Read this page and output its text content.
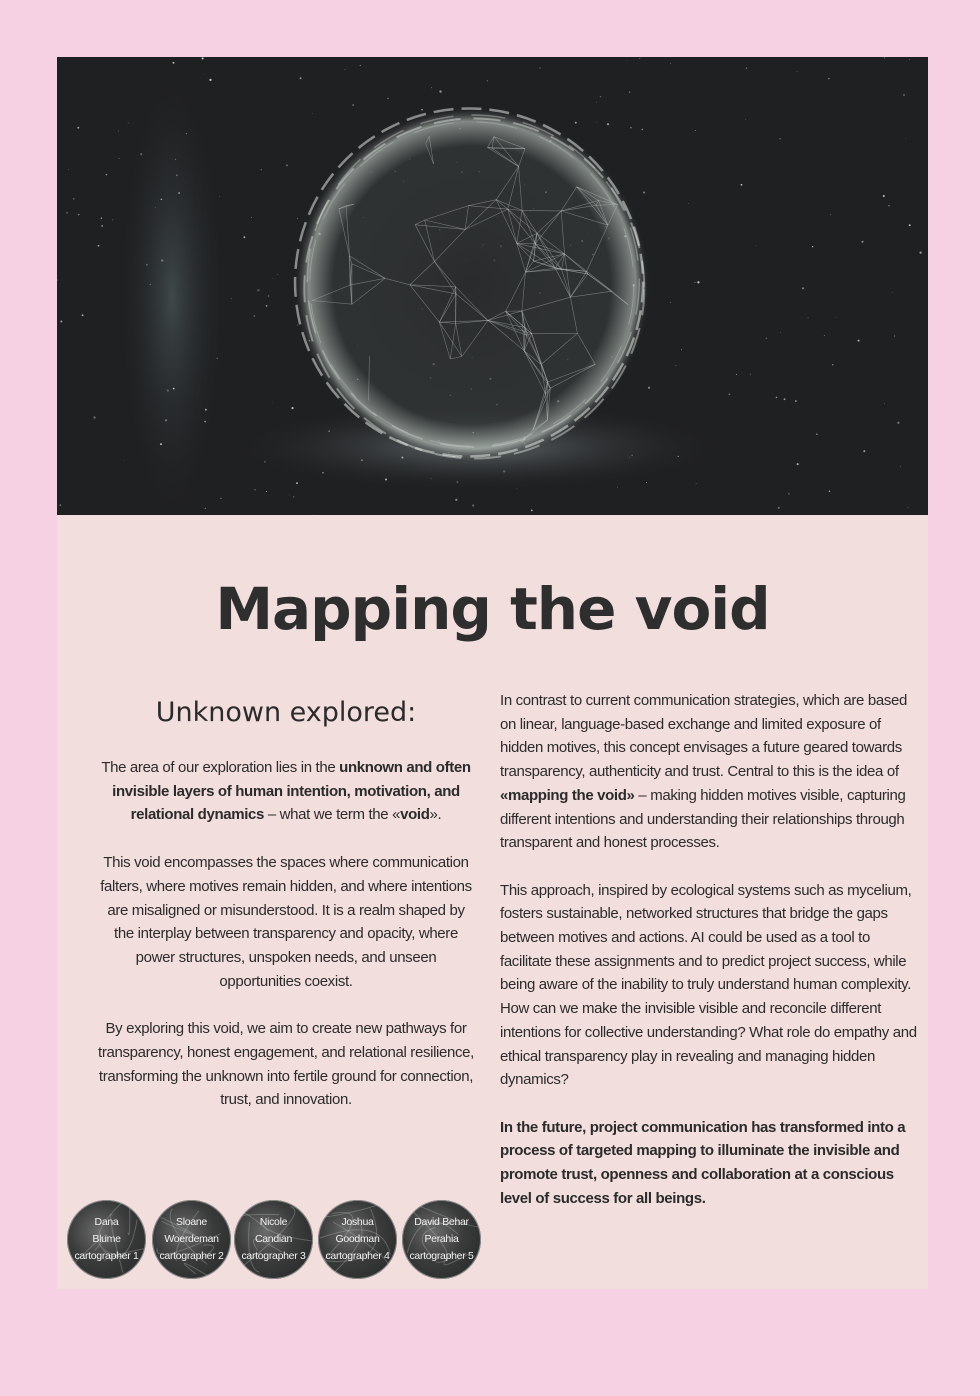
Mapping the void
Unknown explored:

The area of our exploration lies in the unknown and often invisible layers of human intention, motivation, and relational dynamics – what we term the «void».

This void encompasses the spaces where communication falters, where motives remain hidden, and where intentions are misaligned or misunderstood. It is a realm shaped by the interplay between transparency and opacity, where power structures, unspoken needs, and unseen opportunities coexist.

By exploring this void, we aim to create new pathways for transparency, honest engagement, and relational resilience, transforming the unknown into fertile ground for connection, trust, and innovation.

In contrast to current communication strategies, which are based on linear, language-based exchange and limited exposure of hidden motives, this concept envisages a future geared towards transparency, authenticity and trust. Central to this is the idea of «mapping the void» – making hidden motives visible, capturing different intentions and understanding their relationships through transparent and honest processes.

This approach, inspired by ecological systems such as mycelium, fosters sustainable, networked structures that bridge the gaps between motives and actions. AI could be used as a tool to facilitate these assignments and to predict project success, while being aware of the inability to truly understand human complexity. How can we make the invisible visible and reconcile different intentions for collective understanding? What role do empathy and ethical transparency play in revealing and managing hidden dynamics?

In the future, project communication has transformed into a process of targeted mapping to illuminate the invisible and promote trust, openness and collaboration at a conscious level of success for all beings.

Dana
Blume
cartographer 1
Sloane
Woerdeman
cartographer 2
Nicole
Candian
cartographer 3
Joshua
Goodman
cartographer 4
David Behar
Perahia
cartographer 5
